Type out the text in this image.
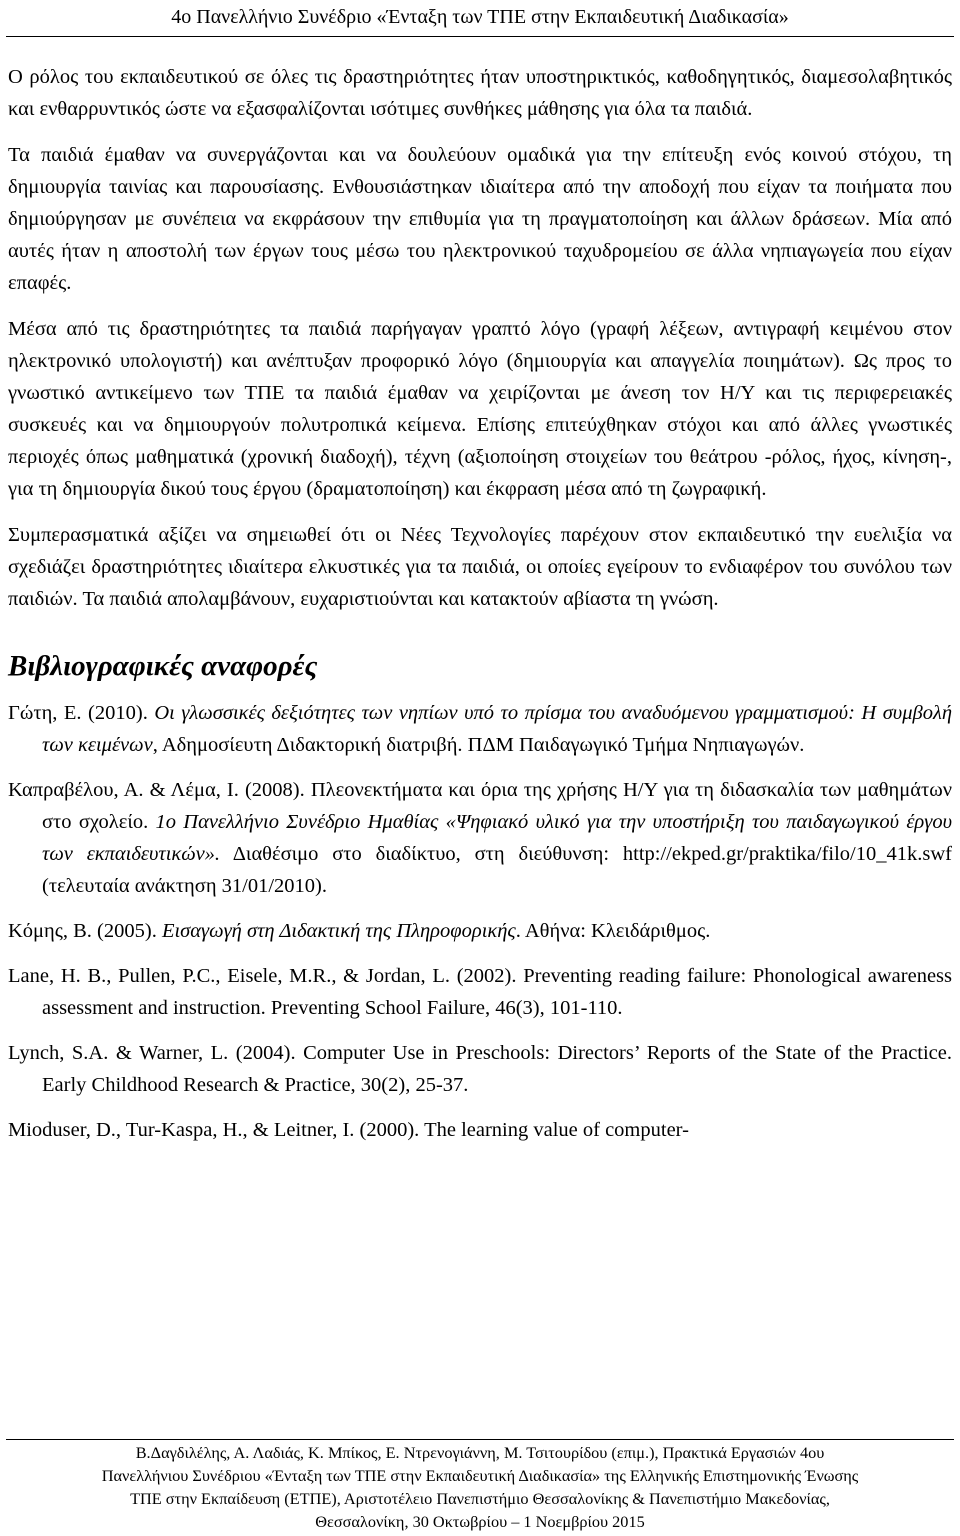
4ο Πανελλήνιο Συνέδριο «Ένταξη των ΤΠΕ στην Εκπαιδευτική Διαδικασία»

Ο ρόλος του εκπαιδευτικού σε όλες τις δραστηριότητες ήταν υποστηρικτικός, καθοδηγητικός, διαμεσολαβητικός και ενθαρρυντικός ώστε να εξασφαλίζονται ισότιμες συνθήκες μάθησης για όλα τα παιδιά.

Τα παιδιά έμαθαν να συνεργάζονται και να δουλεύουν ομαδικά για την επίτευξη ενός κοινού στόχου, τη δημιουργία ταινίας και παρουσίασης. Ενθουσιάστηκαν ιδιαίτερα από την αποδοχή που είχαν τα ποιήματα που δημιούργησαν με συνέπεια να εκφράσουν την επιθυμία για τη πραγματοποίηση και άλλων δράσεων. Μία από αυτές ήταν η αποστολή των έργων τους μέσω του ηλεκτρονικού ταχυδρομείου σε άλλα νηπιαγωγεία που είχαν επαφές.

Μέσα από τις δραστηριότητες τα παιδιά παρήγαγαν γραπτό λόγο (γραφή λέξεων, αντιγραφή κειμένου στον ηλεκτρονικό υπολογιστή) και ανέπτυξαν προφορικό λόγο (δημιουργία και απαγγελία ποιημάτων). Ως προς το γνωστικό αντικείμενο των ΤΠΕ τα παιδιά έμαθαν να χειρίζονται με άνεση τον Η/Υ και τις περιφερειακές συσκευές και να δημιουργούν πολυτροπικά κείμενα. Επίσης επιτεύχθηκαν στόχοι και από άλλες γνωστικές περιοχές όπως μαθηματικά (χρονική διαδοχή), τέχνη (αξιοποίηση στοιχείων του θεάτρου -ρόλος, ήχος, κίνηση-, για τη δημιουργία δικού τους έργου (δραματοποίηση) και έκφραση μέσα από τη ζωγραφική.

Συμπερασματικά αξίζει να σημειωθεί ότι οι Νέες Τεχνολογίες παρέχουν στον εκπαιδευτικό την ευελιξία να σχεδιάζει δραστηριότητες ιδιαίτερα ελκυστικές για τα παιδιά, οι οποίες εγείρουν το ενδιαφέρον του συνόλου των παιδιών. Τα παιδιά απολαμβάνουν, ευχαριστιούνται και κατακτούν αβίαστα τη γνώση.

Βιβλιογραφικές αναφορές

Γώτη, Ε. (2010). Οι γλωσσικές δεξιότητες των νηπίων υπό το πρίσμα του αναδυόμενου γραμματισμού: Η συμβολή των κειμένων, Αδημοσίευτη Διδακτορική διατριβή. ΠΔΜ Παιδαγωγικό Τμήμα Νηπιαγωγών.

Καπραβέλου, Α. & Λέμα, Ι. (2008). Πλεονεκτήματα και όρια της χρήσης Η/Υ για τη διδασκαλία των μαθημάτων στο σχολείο. 1ο Πανελλήνιο Συνέδριο Ημαθίας «Ψηφιακό υλικό για την υποστήριξη του παιδαγωγικού έργου των εκπαιδευτικών». Διαθέσιμο στο διαδίκτυο, στη διεύθυνση: http://ekped.gr/praktika/filo/10_41k.swf (τελευταία ανάκτηση 31/01/2010).

Κόμης, Β. (2005). Εισαγωγή στη Διδακτική της Πληροφορικής. Αθήνα: Κλειδάριθμος.

Lane, H. B., Pullen, P.C., Eisele, M.R., & Jordan, L. (2002). Preventing reading failure: Phonological awareness assessment and instruction. Preventing School Failure, 46(3), 101-110.

Lynch, S.A. & Warner, L. (2004). Computer Use in Preschools: Directors’ Reports of the State of the Practice. Early Childhood Research & Practice, 30(2), 25-37.

Mioduser, D., Tur-Kaspa, H., & Leitner, I. (2000). The learning value of computer-

Β.Δαγδιλέλης, Α. Λαδιάς, Κ. Μπίκος, Ε. Ντρενογιάννη, Μ. Τσιτουρίδου (επιμ.), Πρακτικά Εργασιών 4ου
Πανελλήνιου Συνέδριου «Ένταξη των ΤΠΕ στην Εκπαιδευτική Διαδικασία» της Ελληνικής Επιστημονικής Ένωσης
ΤΠΕ στην Εκπαίδευση (ΕΤΠΕ), Αριστοτέλειο Πανεπιστήμιο Θεσσαλονίκης & Πανεπιστήμιο Μακεδονίας,
Θεσσαλονίκη, 30 Οκτωβρίου – 1 Νοεμβρίου 2015
